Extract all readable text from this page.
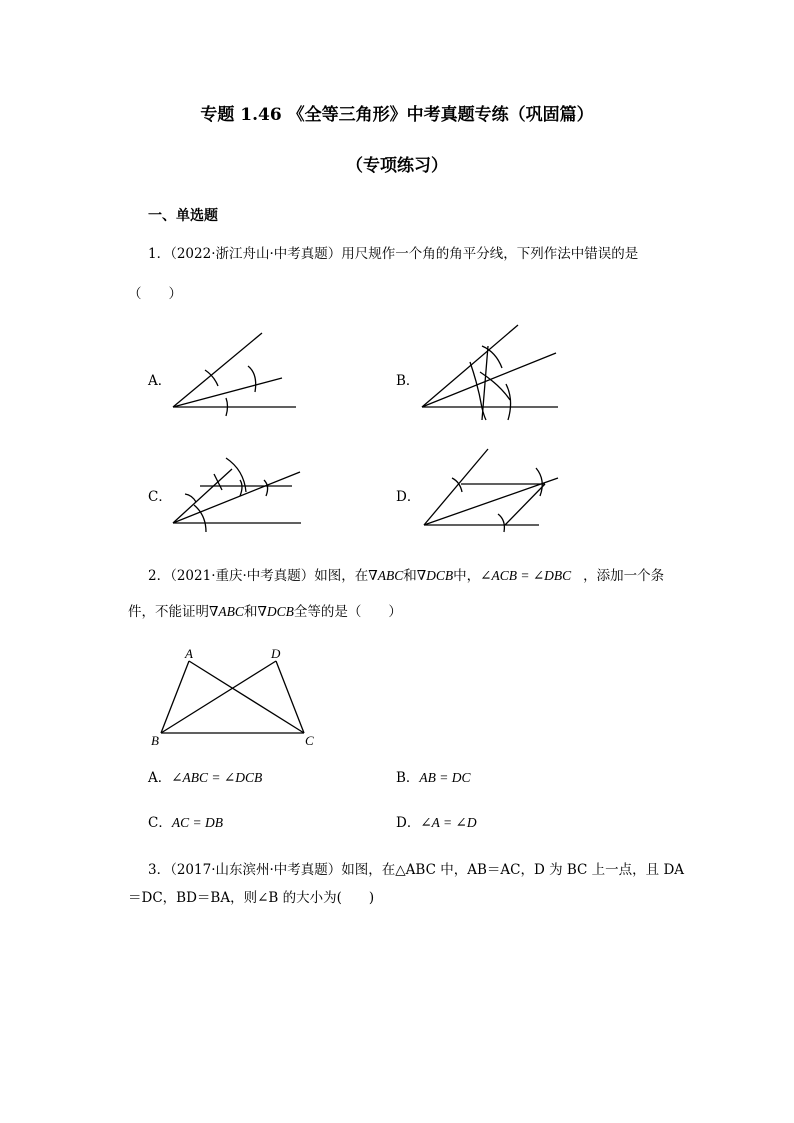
专题 1.46 《全等三角形》中考真题专练（巩固篇）
（专项练习）
一、单选题
1．（2022·浙江舟山·中考真题）用尺规作一个角的角平分线，下列作法中错误的是
（　　）
A．	B．
C．	D．
2．（2021·重庆·中考真题）如图，在∇ABC和∇DCB中，∠ACB = ∠DBC ，添加一个条
件，不能证明∇ABC和∇DCB全等的是（　　）
A	D
B	C
A．∠ABC = ∠DCB	B．AB = DC
C．AC = DB	D．∠A = ∠D
3．（2017·山东滨州·中考真题）如图，在△ABC 中，AB＝AC，D 为 BC 上一点，且 DA
＝DC，BD＝BA，则∠B 的大小为(　　)
